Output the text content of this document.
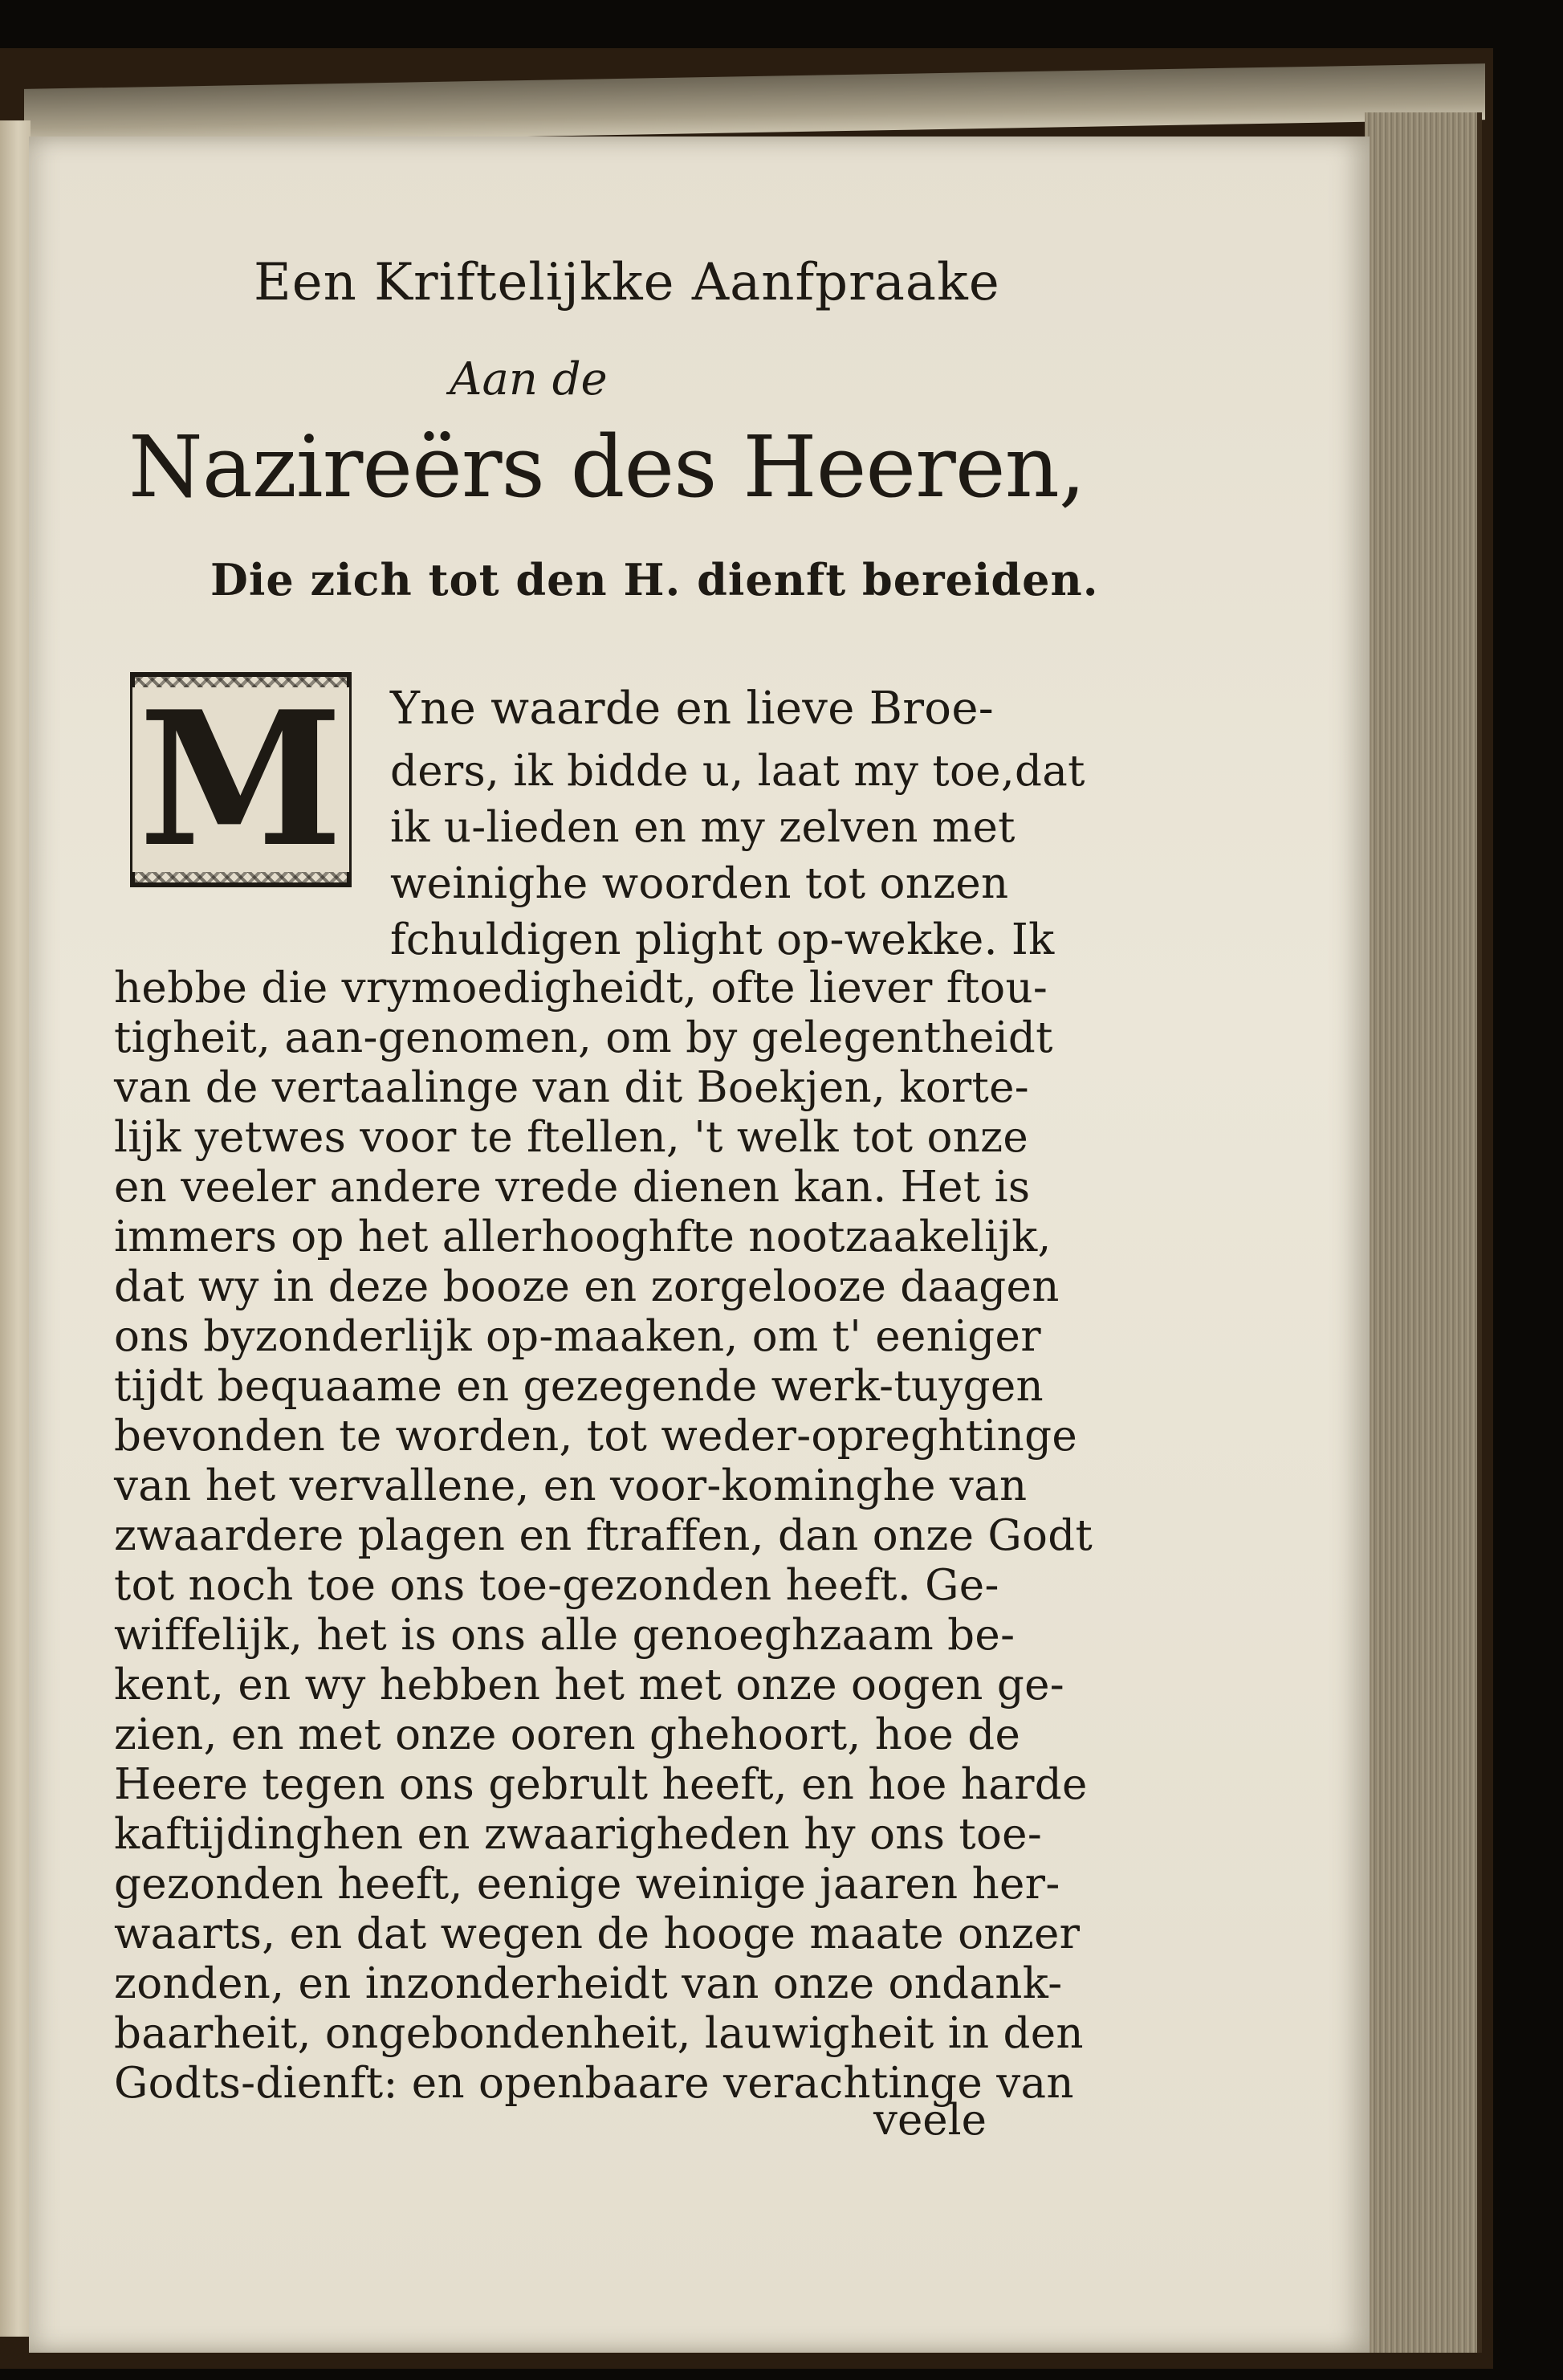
Een Kriftelijkke Aanfpraake
Aan de
Nazireërs des Heeren,
Die zich tot den H. dienft bereiden.
M Yne waarde en lieve Broe-
ders, ik bidde u, laat my toe,dat
ik u-lieden en my zelven met
weinighe woorden tot onzen
fchuldigen plight op-wekke. Ik
hebbe die vrymoedigheidt, ofte liever ftou-
tigheit, aan-genomen, om by gelegentheidt
van de vertaalinge van dit Boekjen, korte-
lijk yetwes voor te ftellen, 't welk tot onze
en veeler andere vrede dienen kan. Het is
immers op het allerhooghfte nootzaakelijk,
dat wy in deze booze en zorgelooze daagen
ons byzonderlijk op-maaken, om t' eeniger
tijdt bequaame en gezegende werk-tuygen
bevonden te worden, tot weder-opreghtinge
van het vervallene, en voor-kominghe van
zwaardere plagen en ftraffen, dan onze Godt
tot noch toe ons toe-gezonden heeft. Ge-
wiffelijk, het is ons alle genoeghzaam be-
kent, en wy hebben het met onze oogen ge-
zien, en met onze ooren ghehoort, hoe de
Heere tegen ons gebrult heeft, en hoe harde
kaftijdinghen en zwaarigheden hy ons toe-
gezonden heeft, eenige weinige jaaren her-
waarts, en dat wegen de hooge maate onzer
zonden, en inzonderheidt van onze ondank-
baarheit, ongebondenheit, lauwigheit in den
Godts-dienft: en openbaare verachtinge van
veele
